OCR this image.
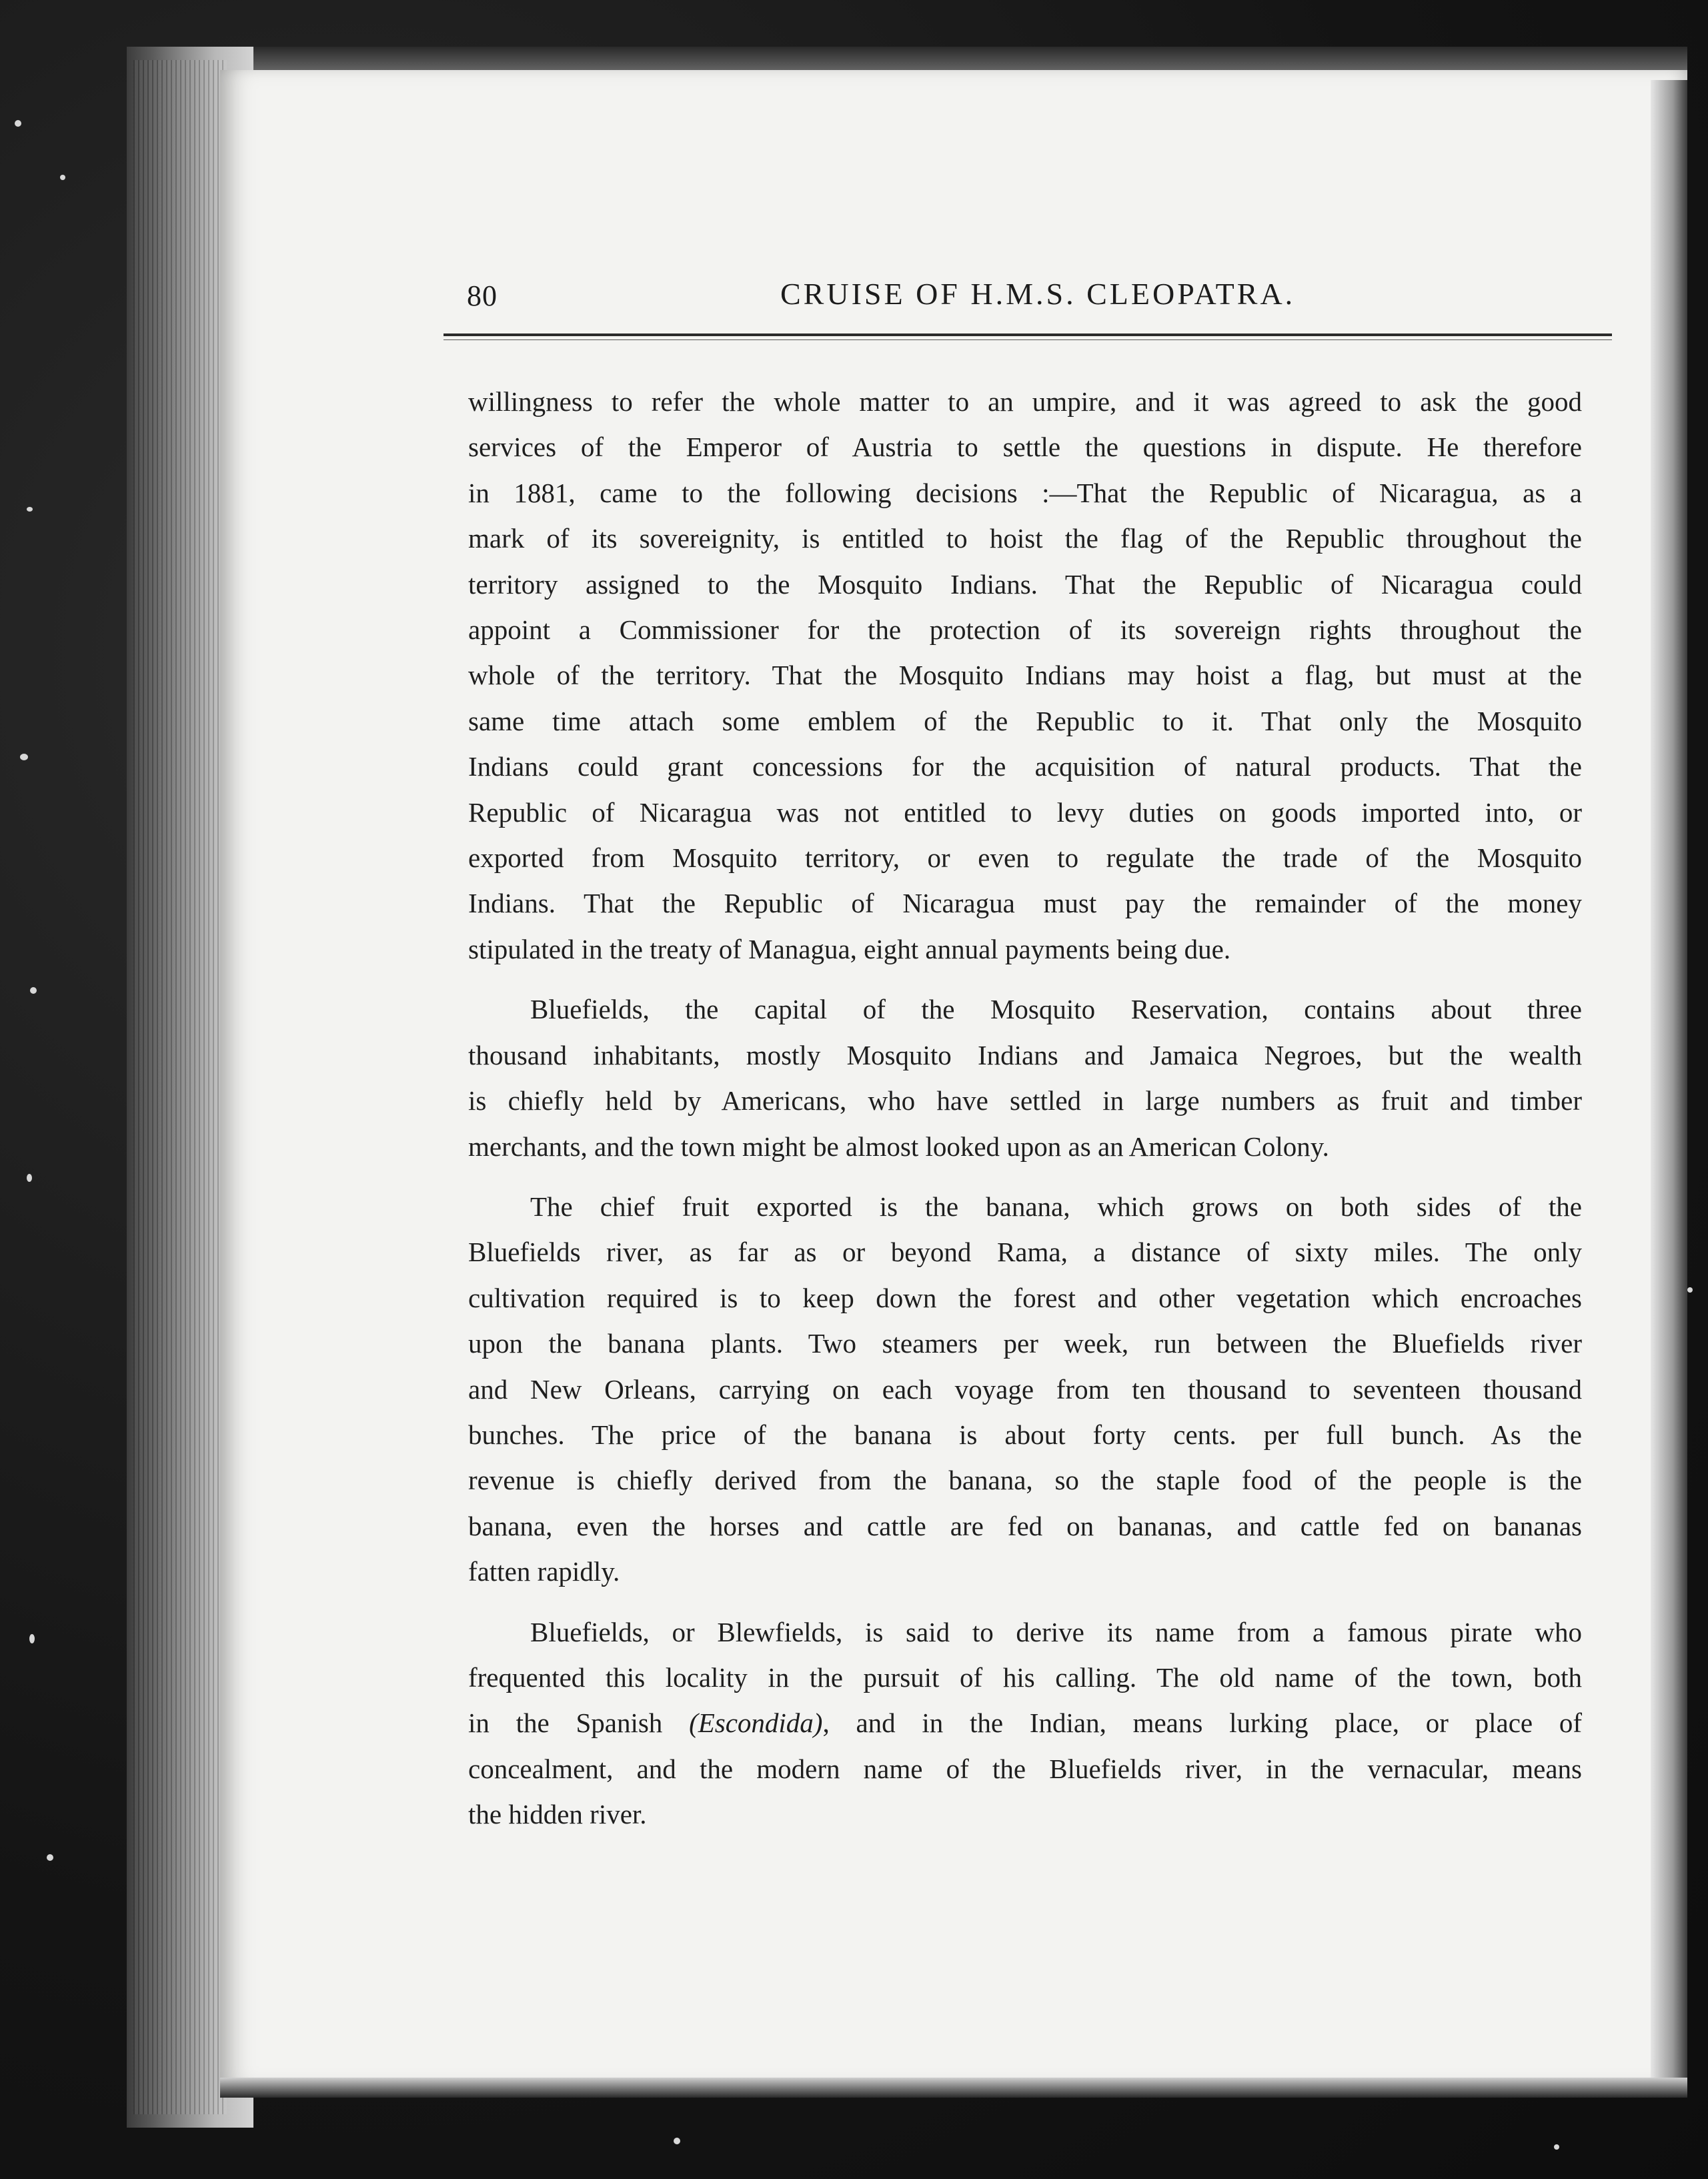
80	CRUISE OF H.M.S. CLEOPATRA.
willingness to refer the whole matter to an umpire, and it was agreed to ask the good
services of the Emperor of Austria to settle the questions in dispute. He therefore
in 1881, came to the following decisions :—That the Republic of Nicaragua, as a
mark of its sovereignity, is entitled to hoist the flag of the Republic throughout the
territory assigned to the Mosquito Indians. That the Republic of Nicaragua could
appoint a Commissioner for the protection of its sovereign rights throughout the
whole of the territory. That the Mosquito Indians may hoist a flag, but must at the
same time attach some emblem of the Republic to it. That only the Mosquito
Indians could grant concessions for the acquisition of natural products. That the
Republic of Nicaragua was not entitled to levy duties on goods imported into, or
exported from Mosquito territory, or even to regulate the trade of the Mosquito
Indians. That the Republic of Nicaragua must pay the remainder of the money
stipulated in the treaty of Managua, eight annual payments being due.
Bluefields, the capital of the Mosquito Reservation, contains about three
thousand inhabitants, mostly Mosquito Indians and Jamaica Negroes, but the wealth
is chiefly held by Americans, who have settled in large numbers as fruit and timber
merchants, and the town might be almost looked upon as an American Colony.
The chief fruit exported is the banana, which grows on both sides of the
Bluefields river, as far as or beyond Rama, a distance of sixty miles. The only
cultivation required is to keep down the forest and other vegetation which encroaches
upon the banana plants. Two steamers per week, run between the Bluefields river
and New Orleans, carrying on each voyage from ten thousand to seventeen thousand
bunches. The price of the banana is about forty cents. per full bunch. As the
revenue is chiefly derived from the banana, so the staple food of the people is the
banana, even the horses and cattle are fed on bananas, and cattle fed on bananas
fatten rapidly.
Bluefields, or Blewfields, is said to derive its name from a famous pirate who
frequented this locality in the pursuit of his calling. The old name of the town, both
in the Spanish (Escondida), and in the Indian, means lurking place, or place of
concealment, and the modern name of the Bluefields river, in the vernacular, means
the hidden river.
